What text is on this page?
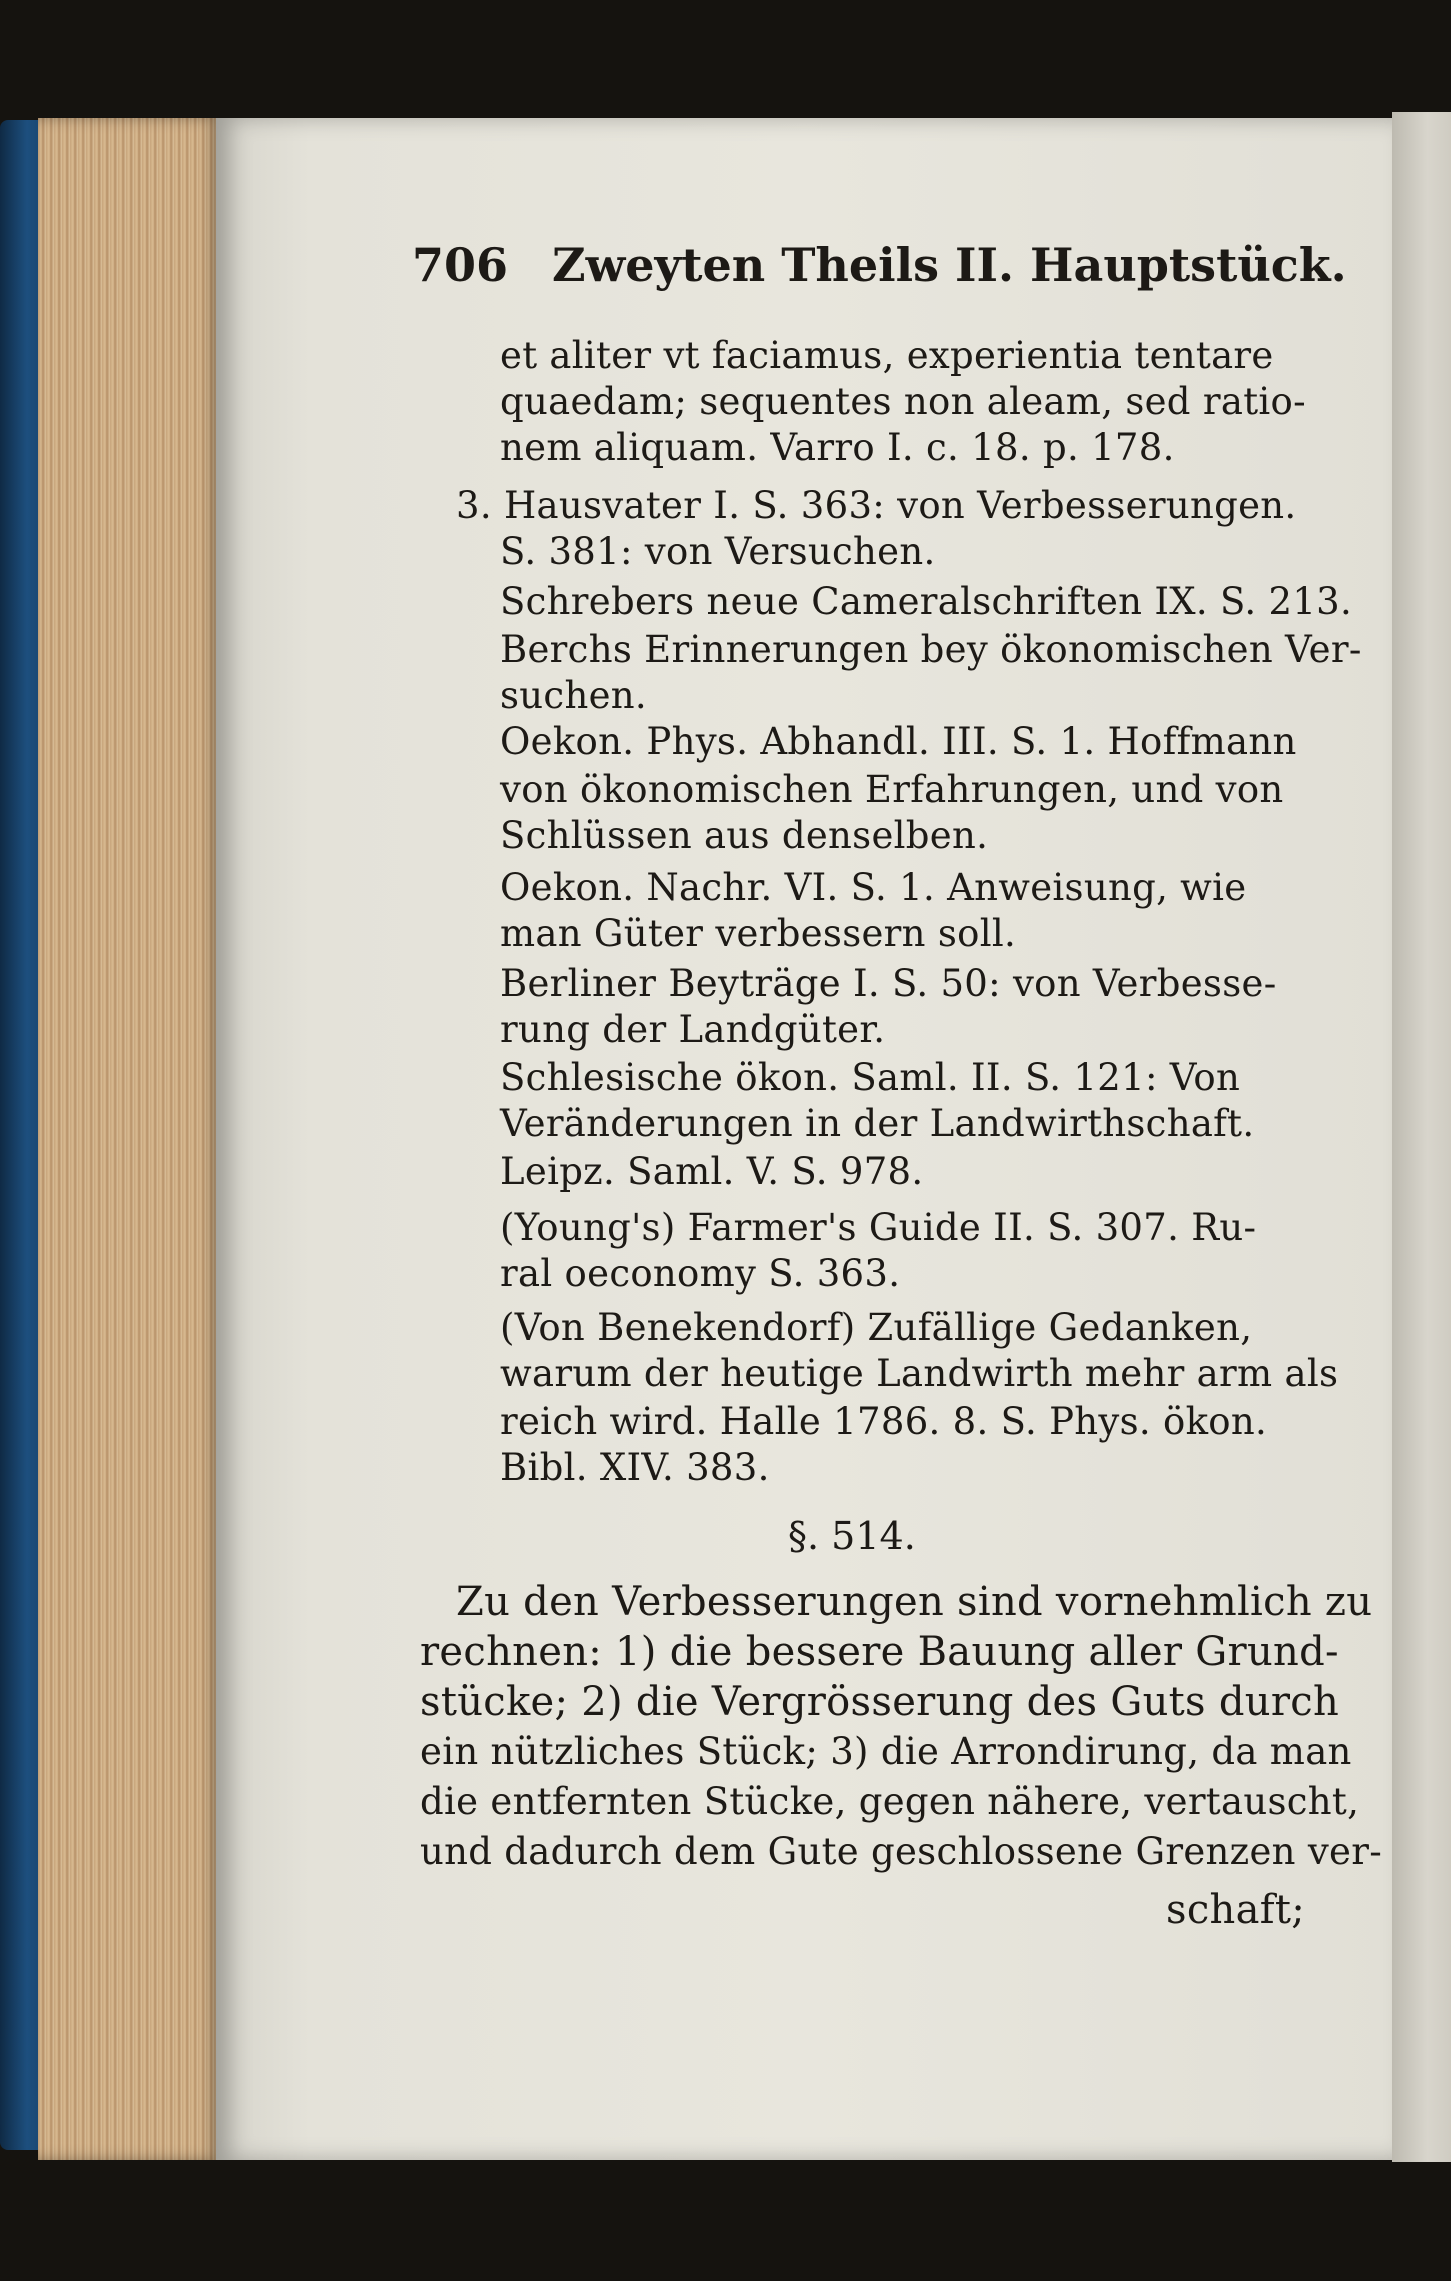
706 Zweyten Theils II. Hauptstück.
et aliter vt faciamus, experientia tentare
quaedam; sequentes non aleam, sed ratio-
nem aliquam. Varro I. c. 18. p. 178.
3. Hausvater I. S. 363: von Verbesserungen.
S. 381: von Versuchen.
Schrebers neue Cameralschriften IX. S. 213.
Berchs Erinnerungen bey ökonomischen Ver-
suchen.
Oekon. Phys. Abhandl. III. S. 1. Hoffmann
von ökonomischen Erfahrungen, und von
Schlüssen aus denselben.
Oekon. Nachr. VI. S. 1. Anweisung, wie
man Güter verbessern soll.
Berliner Beyträge I. S. 50: von Verbesse-
rung der Landgüter.
Schlesische ökon. Saml. II. S. 121: Von
Veränderungen in der Landwirthschaft.
Leipz. Saml. V. S. 978.
(Young's) Farmer's Guide II. S. 307. Ru-
ral oeconomy S. 363.
(Von Benekendorf) Zufällige Gedanken,
warum der heutige Landwirth mehr arm als
reich wird. Halle 1786. 8. S. Phys. ökon.
Bibl. XIV. 383.
§. 514.
Zu den Verbesserungen sind vornehmlich zu
rechnen: 1) die bessere Bauung aller Grund-
stücke; 2) die Vergrösserung des Guts durch
ein nützliches Stück; 3) die Arrondirung, da man
die entfernten Stücke, gegen nähere, vertauscht,
und dadurch dem Gute geschlossene Grenzen ver-
schaft;
